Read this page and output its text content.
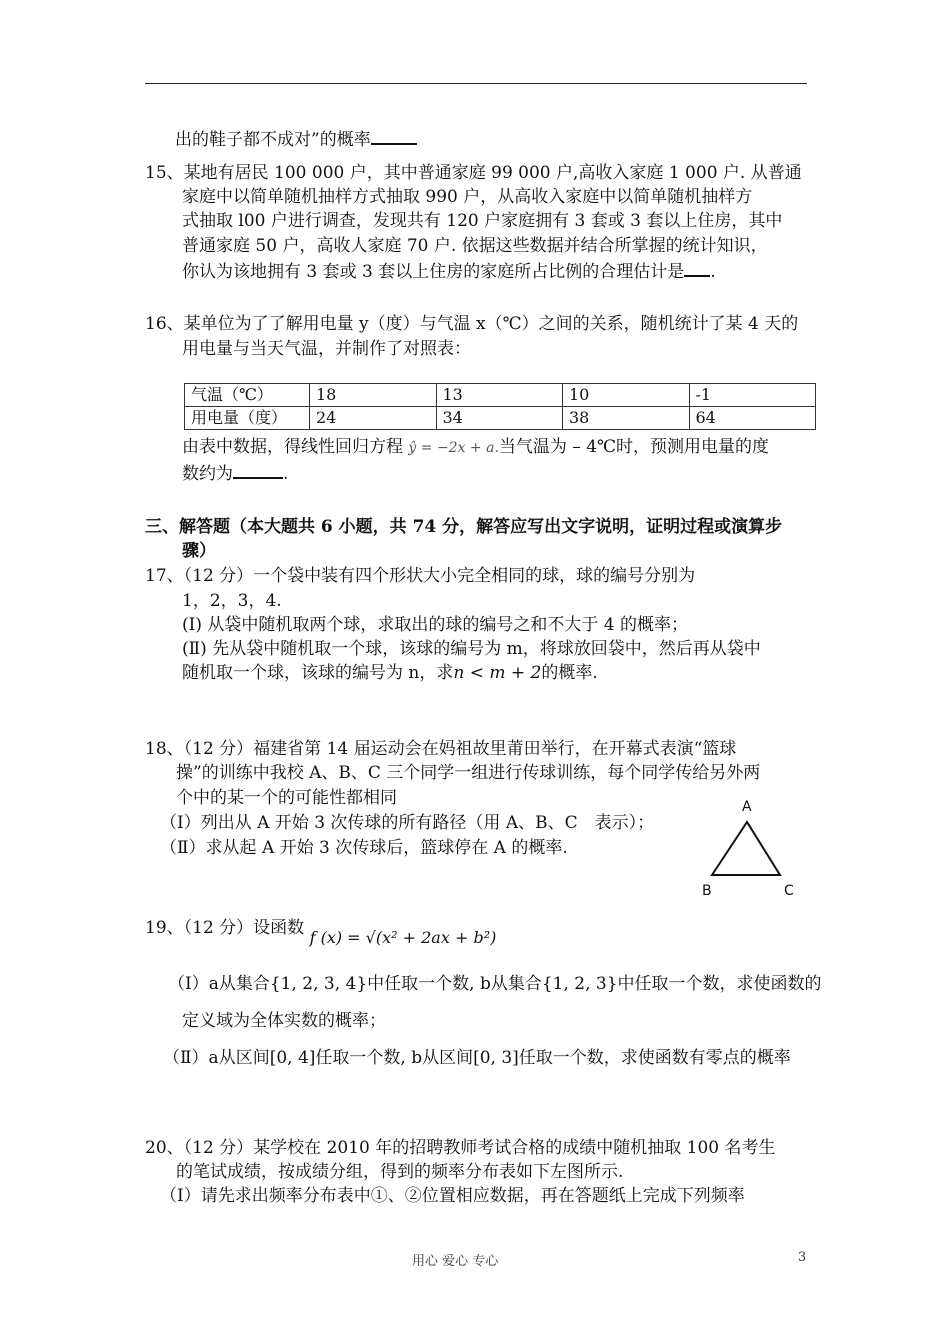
出的鞋子都不成对”的概率
15、某地有居民 100 000 户，其中普通家庭 99 000 户,高收入家庭 1 000 户. 从普通
家庭中以简单随机抽样方式抽取 990 户，从高收入家庭中以简单随机抽样方
式抽取 l00 户进行调查，发现共有 120 户家庭拥有 3 套或 3 套以上住房，其中
普通家庭 50 户，高收人家庭 70 户. 依据这些数据并结合所掌握的统计知识，
你认为该地拥有 3 套或 3 套以上住房的家庭所占比例的合理估计是 .
16、某单位为了了解用电量 y（度）与气温 x（℃）之间的关系，随机统计了某 4 天的
用电量与当天气温，并制作了对照表：
气温（℃）	18	13	10	-1
用电量（度）	24	34	38	64
由表中数据，得线性回归方程 ŷ = −2x + a.当气温为 – 4℃时，预测用电量的度
数约为	.
三、解答题（本大题共 6 小题，共 74 分，解答应写出文字说明，证明过程或演算步
骤）
17、（12 分）一个袋中装有四个形状大小完全相同的球，球的编号分别为
1，2，3，4.
(Ⅰ) 从袋中随机取两个球，求取出的球的编号之和不大于 4 的概率；
(Ⅱ) 先从袋中随机取一个球，该球的编号为 m，将球放回袋中，然后再从袋中
随机取一个球，该球的编号为 n，求n < m + 2的概率.
18、（12 分）福建省第 14 届运动会在妈祖故里莆田举行，在开幕式表演“篮球
操”的训练中我校 A、B、C 三个同学一组进行传球训练，每个同学传给另外两
个中的某一个的可能性都相同
（Ⅰ）列出从 A 开始 3 次传球的所有路径（用 A、B、C　表示）；
（Ⅱ）求从起 A 开始 3 次传球后，篮球停在 A 的概率.
A
B	C
19、（12 分）设函数 f (x) = √(x² + 2ax + b²)
（Ⅰ）a从集合{1, 2, 3, 4}中任取一个数, b从集合{1, 2, 3}中任取一个数，求使函数的
定义域为全体实数的概率；
（Ⅱ）a从区间[0, 4]任取一个数, b从区间[0, 3]任取一个数，求使函数有零点的概率
20、（12 分）某学校在 2010 年的招聘教师考试合格的成绩中随机抽取 100 名考生
的笔试成绩，按成绩分组，得到的频率分布表如下左图所示.
（Ⅰ）请先求出频率分布表中①、②位置相应数据，再在答题纸上完成下列频率
用心 爱心 专心	3
